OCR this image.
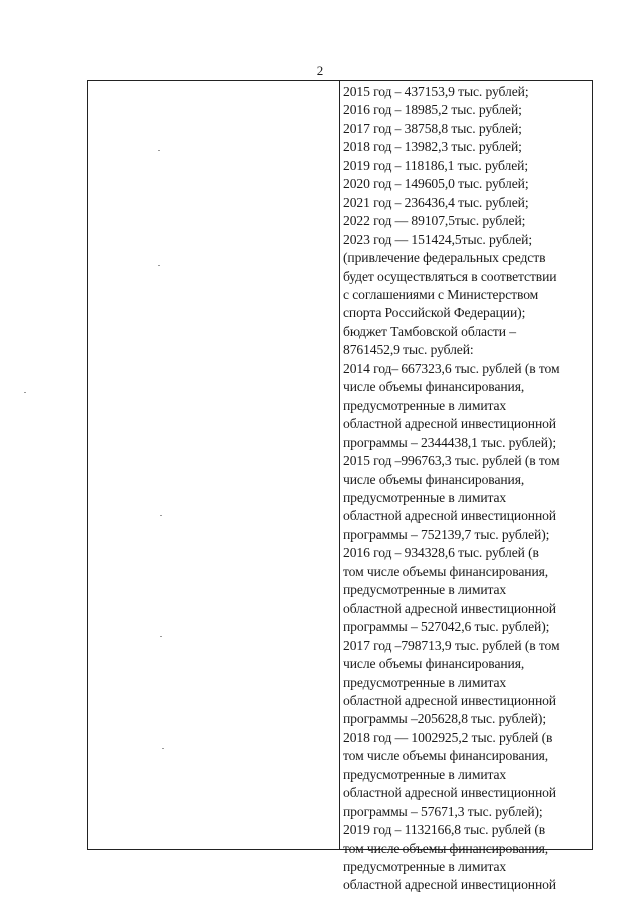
2
2015 год – 437153,9 тыс. рублей;
2016 год – 18985,2 тыс. рублей;
2017 год – 38758,8 тыс. рублей;
2018 год – 13982,3 тыс. рублей;
2019 год – 118186,1 тыс. рублей;
2020 год – 149605,0 тыс. рублей;
2021 год – 236436,4 тыс. рублей;
2022 год — 89107,5тыс. рублей;
2023 год — 151424,5тыс. рублей;
(привлечение федеральных средств
будет осуществляться в соответствии
с соглашениями с Министерством
спорта Российской Федерации);
бюджет Тамбовской области –
8761452,9 тыс. рублей:
2014 год– 667323,6 тыс. рублей (в том
числе объемы финансирования,
предусмотренные в лимитах
областной адресной инвестиционной
программы – 2344438,1 тыс. рублей);
2015 год –996763,3 тыс. рублей (в том
числе объемы финансирования,
предусмотренные в лимитах
областной адресной инвестиционной
программы – 752139,7 тыс. рублей);
2016 год – 934328,6 тыс. рублей (в
том числе объемы финансирования,
предусмотренные в лимитах
областной адресной инвестиционной
программы – 527042,6 тыс. рублей);
2017 год –798713,9 тыс. рублей (в том
числе объемы финансирования,
предусмотренные в лимитах
областной адресной инвестиционной
программы –205628,8 тыс. рублей);
2018 год — 1002925,2 тыс. рублей (в
том числе объемы финансирования,
предусмотренные в лимитах
областной адресной инвестиционной
программы – 57671,3 тыс. рублей);
2019 год – 1132166,8 тыс. рублей (в
том числе объемы финансирования,
предусмотренные в лимитах
областной адресной инвестиционной
